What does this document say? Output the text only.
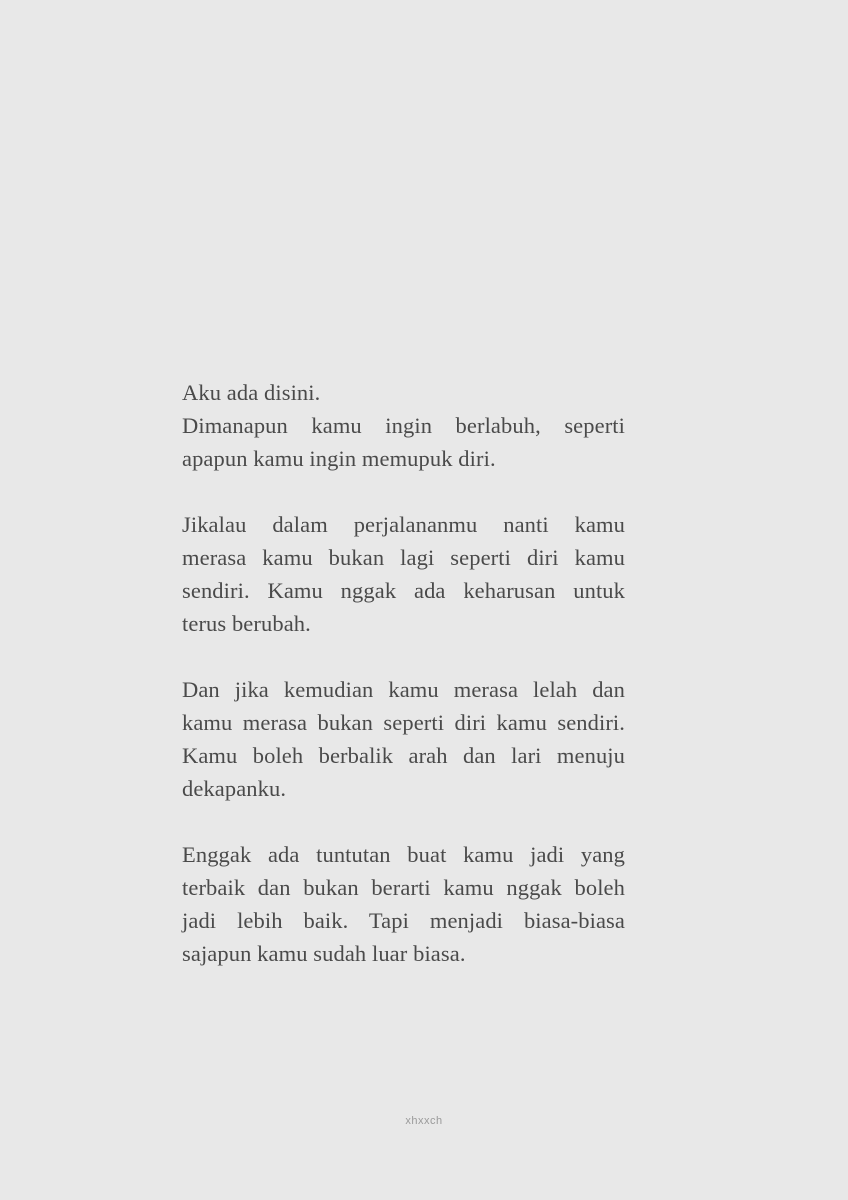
Aku ada disini.
Dimanapun kamu ingin berlabuh, seperti
apapun kamu ingin memupuk diri.

Jikalau dalam perjalananmu nanti kamu
merasa kamu bukan lagi seperti diri kamu
sendiri. Kamu nggak ada keharusan untuk
terus berubah.

Dan jika kemudian kamu merasa lelah dan
kamu merasa bukan seperti diri kamu sendiri.
Kamu boleh berbalik arah dan lari menuju
dekapanku.

Enggak ada tuntutan buat kamu jadi yang
terbaik dan bukan berarti kamu nggak boleh
jadi lebih baik. Tapi menjadi biasa-biasa
sajapun kamu sudah luar biasa.

xhxxch
